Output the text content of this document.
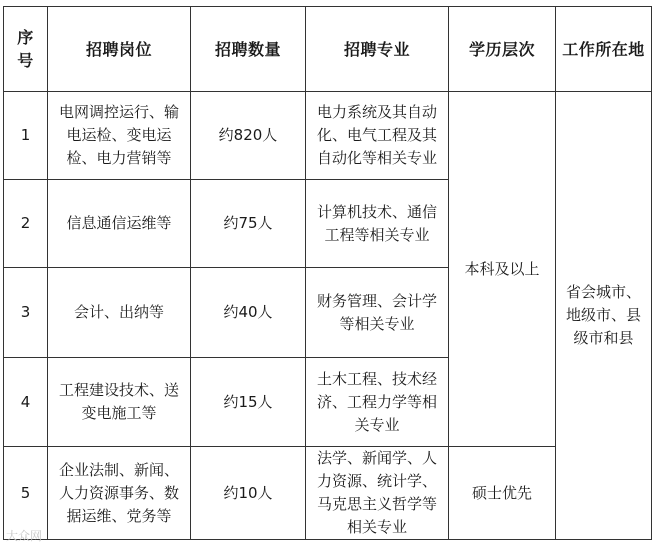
序号	招聘岗位	招聘数量	招聘专业	学历层次	工作所在地
1	电网调控运行、输电运检、变电运检、电力营销等	约820人	电力系统及其自动化、电气工程及其自动化等相关专业	本科及以上	省会城市、地级市、县级市和县
2	信息通信运维等	约75人	计算机技术、通信工程等相关专业		
3	会计、出纳等	约40人	财务管理、会计学等相关专业		
4	工程建设技术、送变电施工等	约15人	土木工程、技术经济、工程力学等相关专业		
5	企业法制、新闻、人力资源事务、数据运维、党务等	约10人	法学、新闻学、人力资源、统计学、马克思主义哲学等相关专业	硕士优先	
大众网
